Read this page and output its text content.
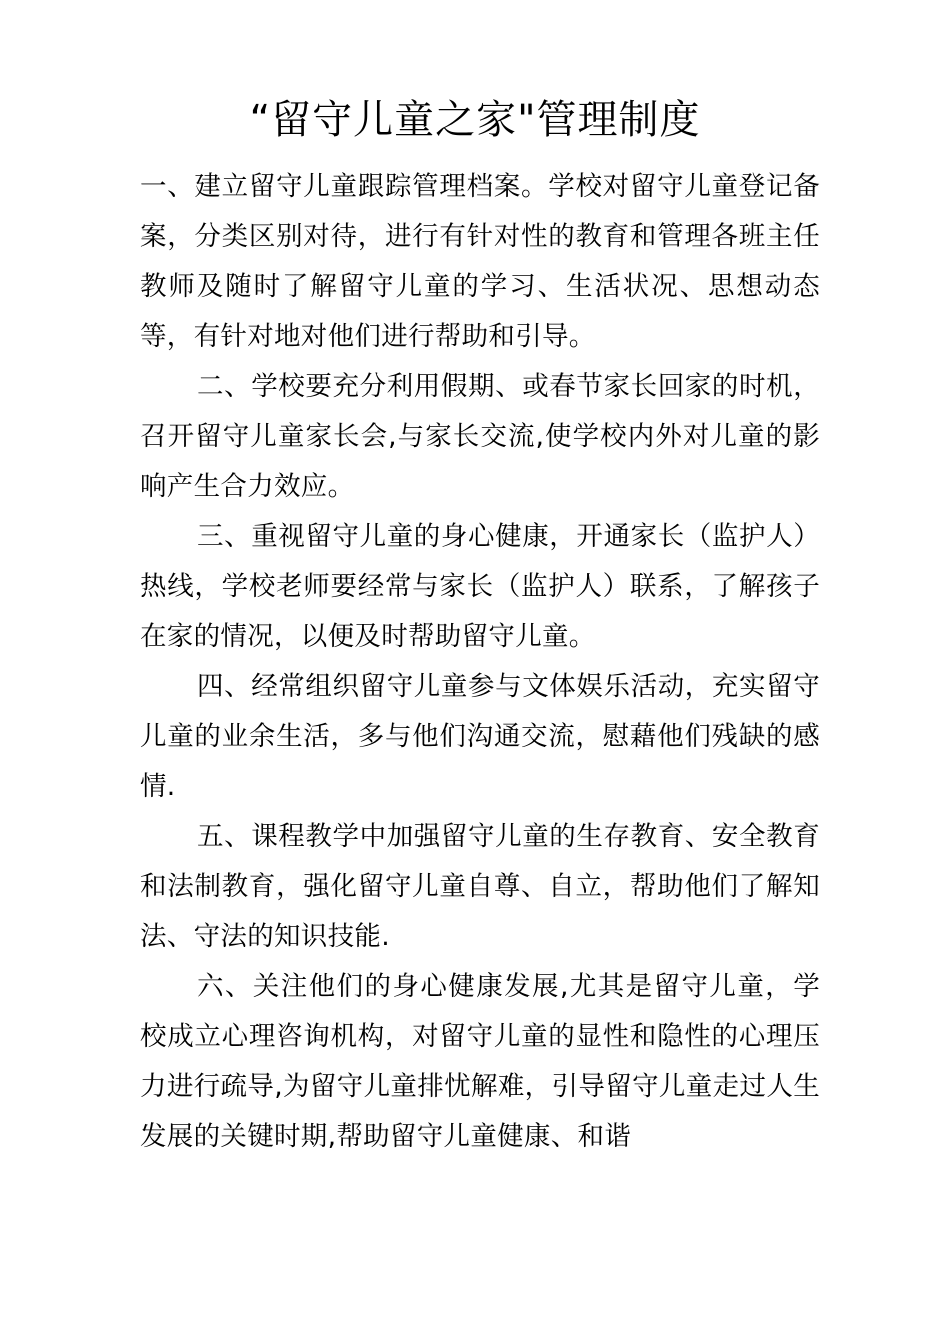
“留守儿童之家"管理制度

一、建立留守儿童跟踪管理档案。学校对留守儿童登记备案，分类区别对待，进行有针对性的教育和管理各班主任教师及随时了解留守儿童的学习、生活状况、思想动态等，有针对地对他们进行帮助和引导。

二、学校要充分利用假期、或春节家长回家的时机，召开留守儿童家长会,与家长交流,使学校内外对儿童的影响产生合力效应。

三、重视留守儿童的身心健康，开通家长（监护人）热线，学校老师要经常与家长（监护人）联系，了解孩子在家的情况，以便及时帮助留守儿童。

四、经常组织留守儿童参与文体娱乐活动，充实留守儿童的业余生活，多与他们沟通交流，慰藉他们残缺的感情.

五、课程教学中加强留守儿童的生存教育、安全教育和法制教育，强化留守儿童自尊、自立，帮助他们了解知法、守法的知识技能.

六、关注他们的身心健康发展,尤其是留守儿童，学校成立心理咨询机构，对留守儿童的显性和隐性的心理压力进行疏导,为留守儿童排忧解难，引导留守儿童走过人生发展的关键时期,帮助留守儿童健康、和谐
